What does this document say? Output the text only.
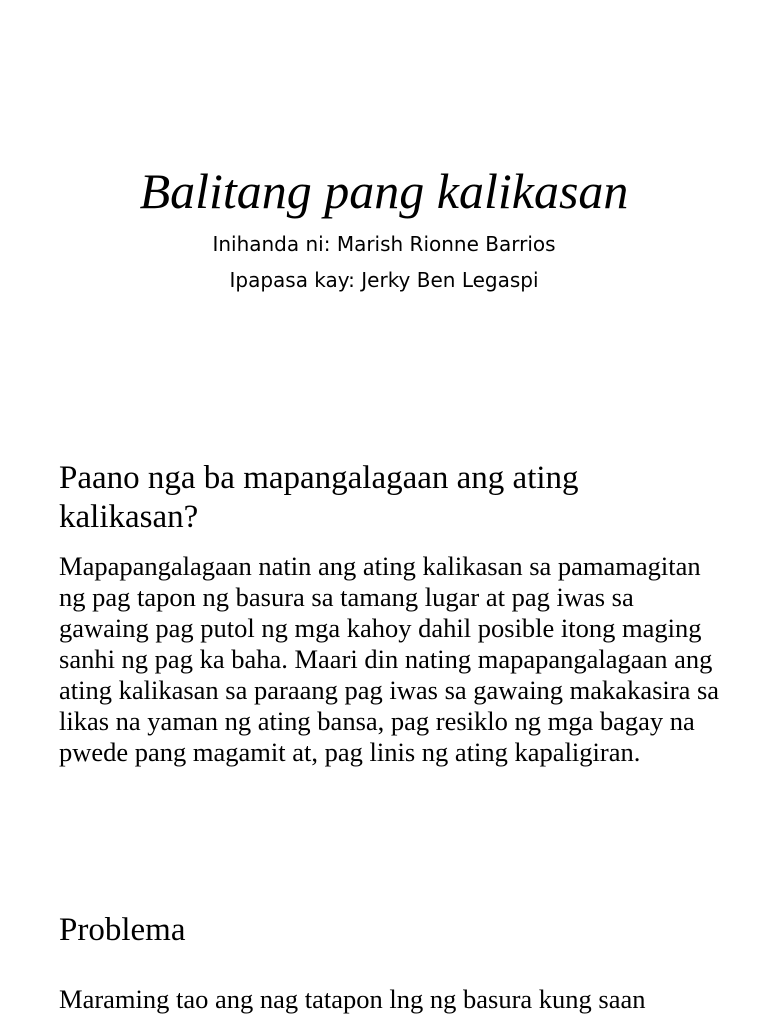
Balitang pang kalikasan
Inihanda ni: Marish Rionne Barrios
Ipapasa kay: Jerky Ben Legaspi
Paano nga ba mapangalagaan ang ating kalikasan?

Mapapangalagaan natin ang ating kalikasan sa pamamagitan ng pag tapon ng basura sa tamang lugar at pag iwas sa gawaing pag putol ng mga kahoy dahil posible itong maging sanhi ng pag ka baha. Maari din nating mapapangalagaan ang ating kalikasan sa paraang pag iwas sa gawaing makakasira sa likas na yaman ng ating bansa, pag resiklo ng mga bagay na pwede pang magamit at, pag linis ng ating kapaligiran.

Problema

Maraming tao ang nag tatapon lng ng basura kung saan
